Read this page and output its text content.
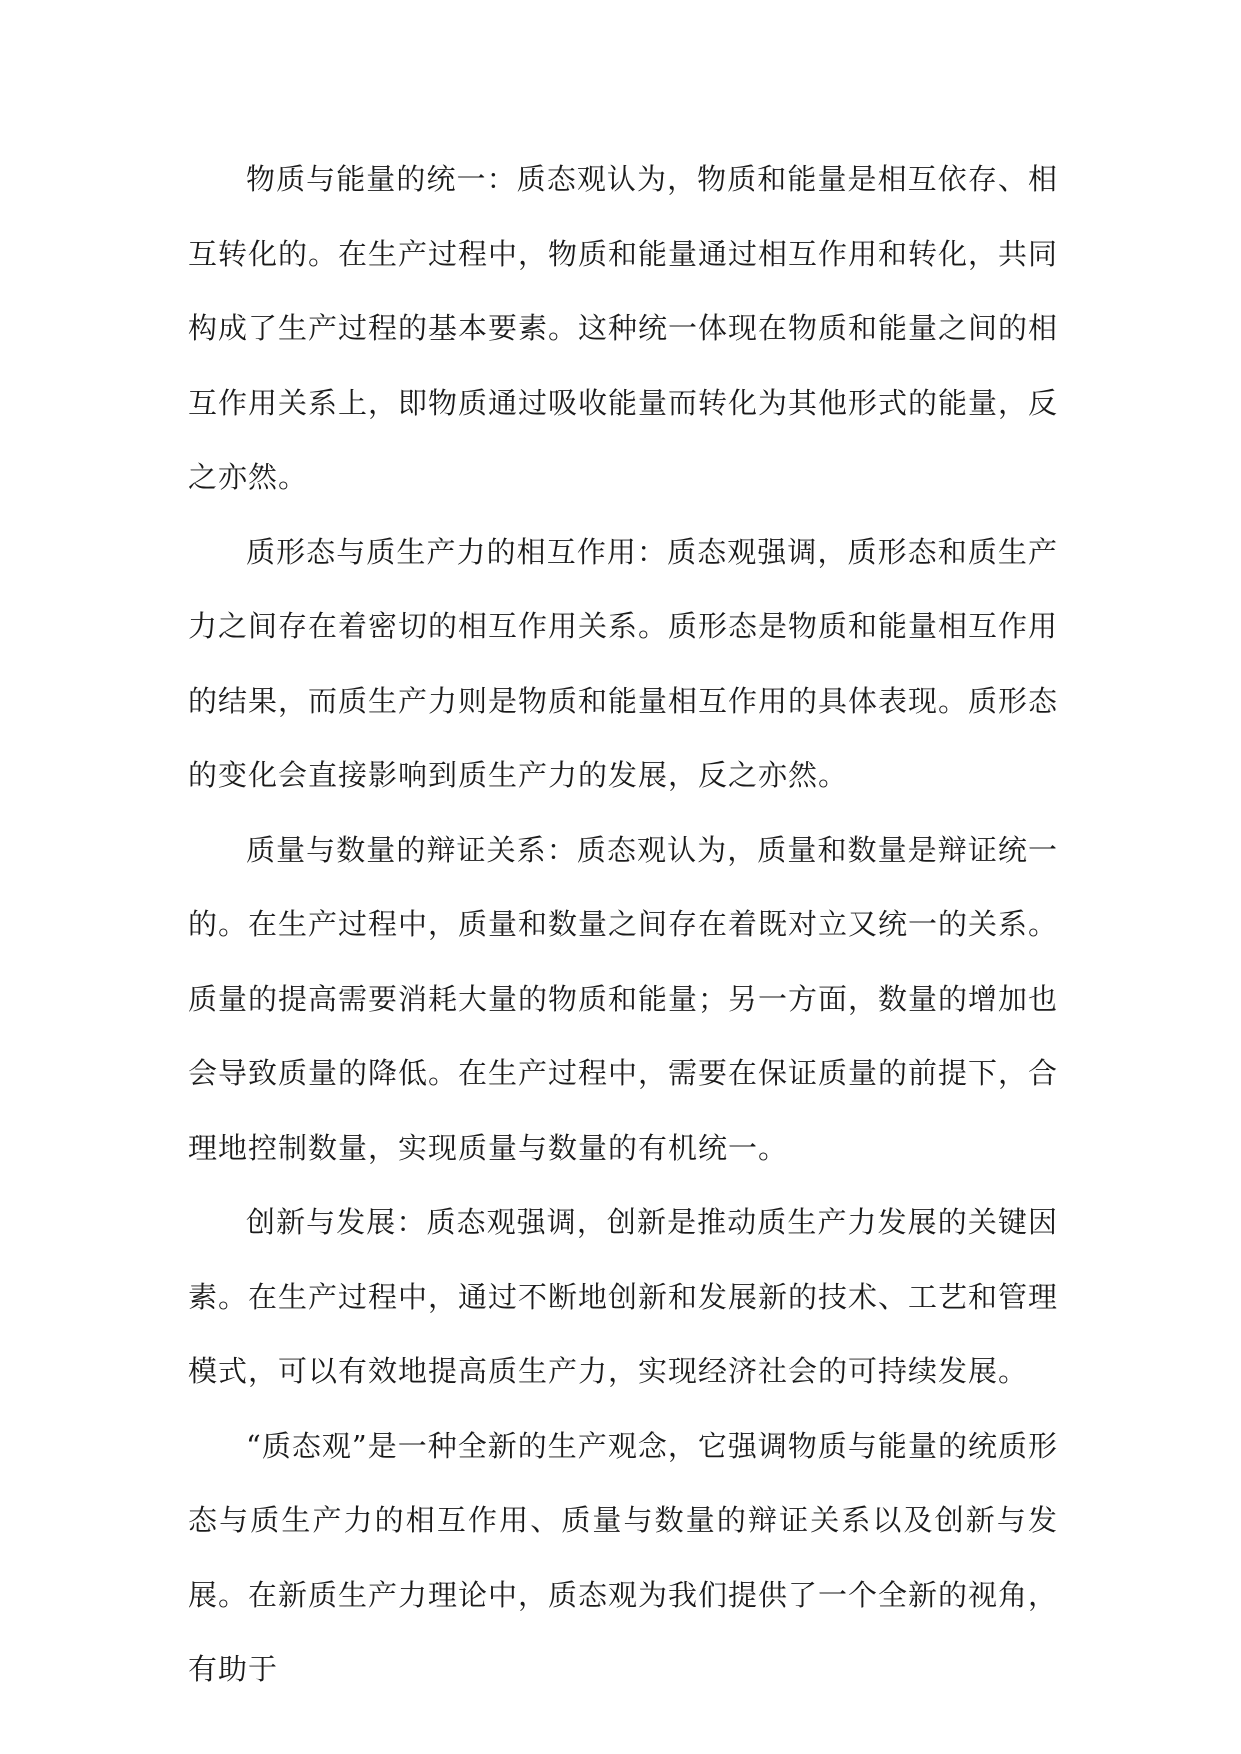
物质与能量的统一：质态观认为，物质和能量是相互依存、相互转化的。在生产过程中，物质和能量通过相互作用和转化，共同构成了生产过程的基本要素。这种统一体现在物质和能量之间的相互作用关系上，即物质通过吸收能量而转化为其他形式的能量，反之亦然。

质形态与质生产力的相互作用：质态观强调，质形态和质生产力之间存在着密切的相互作用关系。质形态是物质和能量相互作用的结果，而质生产力则是物质和能量相互作用的具体表现。质形态的变化会直接影响到质生产力的发展，反之亦然。

质量与数量的辩证关系：质态观认为，质量和数量是辩证统一的。在生产过程中，质量和数量之间存在着既对立又统一的关系。质量的提高需要消耗大量的物质和能量；另一方面，数量的增加也会导致质量的降低。在生产过程中，需要在保证质量的前提下，合理地控制数量，实现质量与数量的有机统一。

创新与发展：质态观强调，创新是推动质生产力发展的关键因素。在生产过程中，通过不断地创新和发展新的技术、工艺和管理模式，可以有效地提高质生产力，实现经济社会的可持续发展。

“质态观”是一种全新的生产观念，它强调物质与能量的统质形态与质生产力的相互作用、质量与数量的辩证关系以及创新与发展。在新质生产力理论中，质态观为我们提供了一个全新的视角，有助于
